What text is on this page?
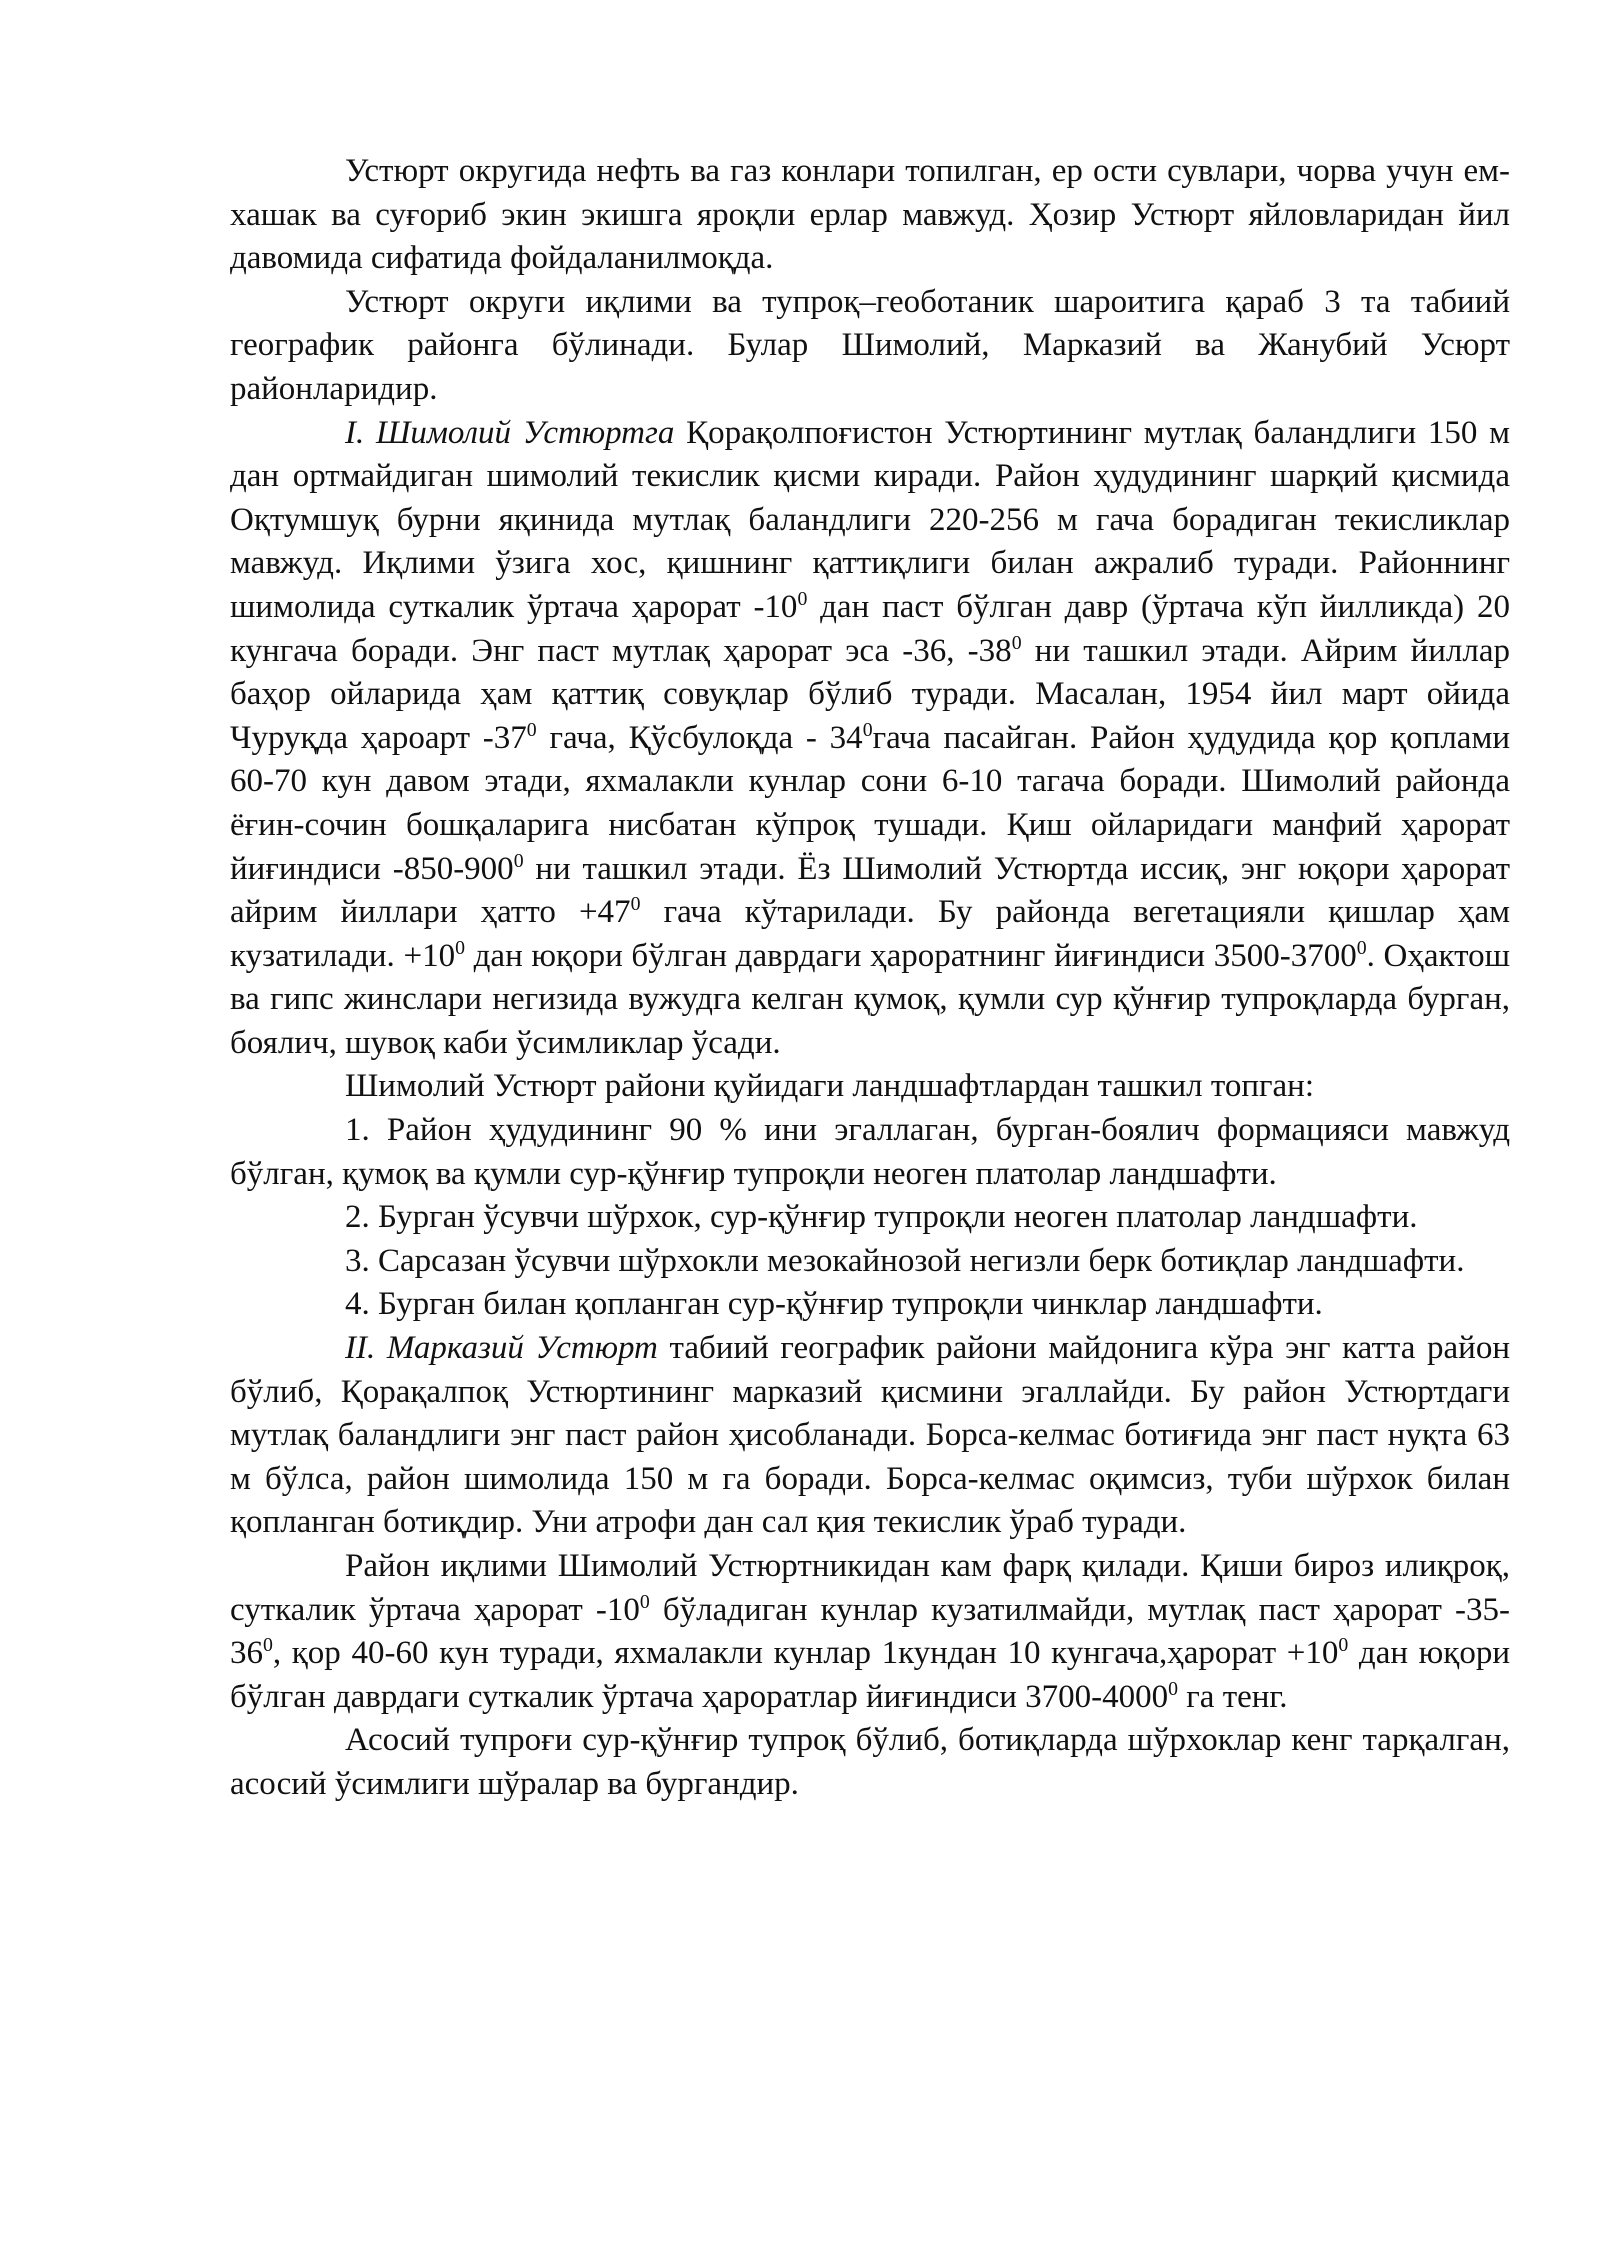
Устюрт округида нефть ва газ конлари топилган, ер ости сувлари, чорва учун ем-хашак ва суғориб экин экишга яроқли ерлар мавжуд. Ҳозир Устюрт яйловларидан йил давомида сифатида фойдаланилмоқда.

Устюрт округи иқлими ва тупроқ–геоботаник шароитига қараб 3 та табиий географик районга бўлинади. Булар Шимолий, Марказий ва Жанубий Усюрт районларидир.

I. Шимолий Устюртга Қорақолпоғистон Устюртининг мутлақ баландлиги 150 м дан ортмайдиган шимолий текислик қисми киради. Район ҳудудининг шарқий қисмида Оқтумшуқ бурни яқинида мутлақ баландлиги 220-256 м гача борадиган текисликлар мавжуд. Иқлими ўзига хос, қишнинг қаттиқлиги билан ажралиб туради. Районнинг шимолида суткалик ўртача ҳарорат $-10^0$ дан паст бўлган давр (ўртача кўп йилликда) 20 кунгача боради. Энг паст мутлақ ҳарорат эса -36, $-38^0$ ни ташкил этади. Айрим йиллар баҳор ойларида ҳам қаттиқ совуқлар бўлиб туради. Масалан, 1954 йил март ойида Чуруқда ҳароарт $-37^0$ гача, Қўсбулоқда - $34^0гача$ пасайган. Район ҳудудида қор қоплами 60-70 кун давом этади, яхмалакли кунлар сони 6-10 тагача боради. Шимолий районда ёғин-сочин бошқаларига нисбатан кўпроқ тушади. Қиш ойларидаги манфий ҳарорат йиғиндиси $-850-900^0$ ни ташкил этади. Ёз Шимолий Устюртда иссиқ, энг юқори ҳарорат айрим йиллари ҳатто $+47^0$ гача кўтарилади. Бу районда вегетацияли қишлар ҳам кузатилади. $+10^0$ дан юқори бўлган даврдаги ҳароратнинг йиғиндиси 3500-3700$^0$. Оҳактош ва гипс жинслари негизида вужудга келган қумоқ, қумли сур қўнғир тупроқларда бурган, боялич, шувоқ каби ўсимликлар ўсади.

Шимолий Устюрт райони қуйидаги ландшафтлардан ташкил топган:

1. Район ҳудудининг 90 % ини эгаллаган, бурган-боялич формацияси мавжуд бўлган, қумоқ ва қумли сур-қўнғир тупроқли неоген платолар ландшафти.

2. Бурган ўсувчи шўрхок, сур-қўнғир тупроқли неоген платолар ландшафти.

3. Сарсазан ўсувчи шўрхокли мезокайнозой негизли берк ботиқлар ландшафти.

4. Бурган билан қопланган сур-қўнғир тупроқли чинклар ландшафти.

II. Марказий Устюрт табиий географик райони майдонига кўра энг катта район бўлиб, Қорақалпоқ Устюртининг марказий қисмини эгаллайди. Бу район Устюртдаги мутлақ баландлиги энг паст район ҳисобланади. Борса-келмас ботиғида энг паст нуқта 63 м бўлса, район шимолида 150 м га боради. Борса-келмас оқимсиз, туби шўрхок билан қопланган ботиқдир. Уни атрофи дан сал қия текислик ўраб туради.

Район иқлими Шимолий Устюртникидан кам фарқ қилади. Қиши бироз илиқроқ, суткалик ўртача ҳарорат $-10^0$ бўладиган кунлар кузатилмайди, мутлақ паст ҳарорат $-35-36^0$, қор 40-60 кун туради, яхмалакли кунлар 1кундан 10 кунгача,ҳарорат $+10^0$ дан юқори бўлган даврдаги суткалик ўртача ҳароратлар йиғиндиси 3700-4000$^0$ га тенг.

Асосий тупроғи сур-қўнғир тупроқ бўлиб, ботиқларда шўрхоклар кенг тарқалган, асосий ўсимлиги шўралар ва бургандир.
